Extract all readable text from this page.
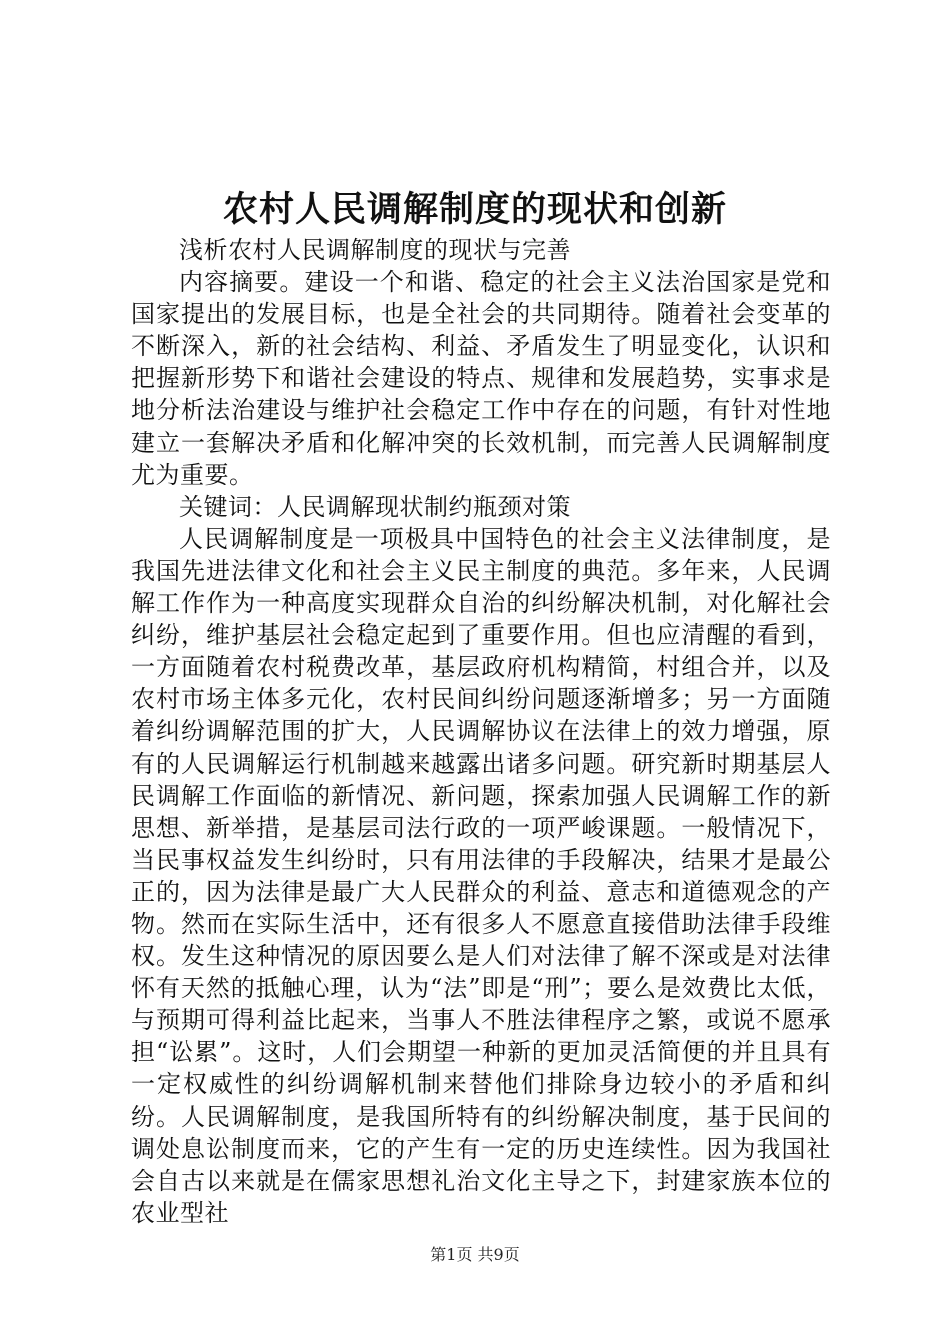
农村人民调解制度的现状和创新

浅析农村人民调解制度的现状与完善

内容摘要。建设一个和谐、稳定的社会主义法治国家是党和国家提出的发展目标，也是全社会的共同期待。随着社会变革的不断深入，新的社会结构、利益、矛盾发生了明显变化，认识和把握新形势下和谐社会建设的特点、规律和发展趋势，实事求是地分析法治建设与维护社会稳定工作中存在的问题，有针对性地建立一套解决矛盾和化解冲突的长效机制，而完善人民调解制度尤为重要。

关键词：人民调解现状制约瓶颈对策

人民调解制度是一项极具中国特色的社会主义法律制度，是我国先进法律文化和社会主义民主制度的典范。多年来，人民调解工作作为一种高度实现群众自治的纠纷解决机制，对化解社会纠纷，维护基层社会稳定起到了重要作用。但也应清醒的看到，一方面随着农村税费改革，基层政府机构精简，村组合并，以及农村市场主体多元化，农村民间纠纷问题逐渐增多；另一方面随着纠纷调解范围的扩大，人民调解协议在法律上的效力增强，原有的人民调解运行机制越来越露出诸多问题。研究新时期基层人民调解工作面临的新情况、新问题，探索加强人民调解工作的新思想、新举措，是基层司法行政的一项严峻课题。一般情况下，当民事权益发生纠纷时，只有用法律的手段解决，结果才是最公正的，因为法律是最广大人民群众的利益、意志和道德观念的产物。然而在实际生活中，还有很多人不愿意直接借助法律手段维权。发生这种情况的原因要么是人们对法律了解不深或是对法律怀有天然的抵触心理，认为“法”即是“刑”；要么是效费比太低，与预期可得利益比起来，当事人不胜法律程序之繁，或说不愿承担“讼累”。这时，人们会期望一种新的更加灵活简便的并且具有一定权威性的纠纷调解机制来替他们排除身边较小的矛盾和纠纷。人民调解制度，是我国所特有的纠纷解决制度，基于民间的调处息讼制度而来，它的产生有一定的历史连续性。因为我国社会自古以来就是在儒家思想礼治文化主导之下，封建家族本位的农业型社

第1页 共9页
